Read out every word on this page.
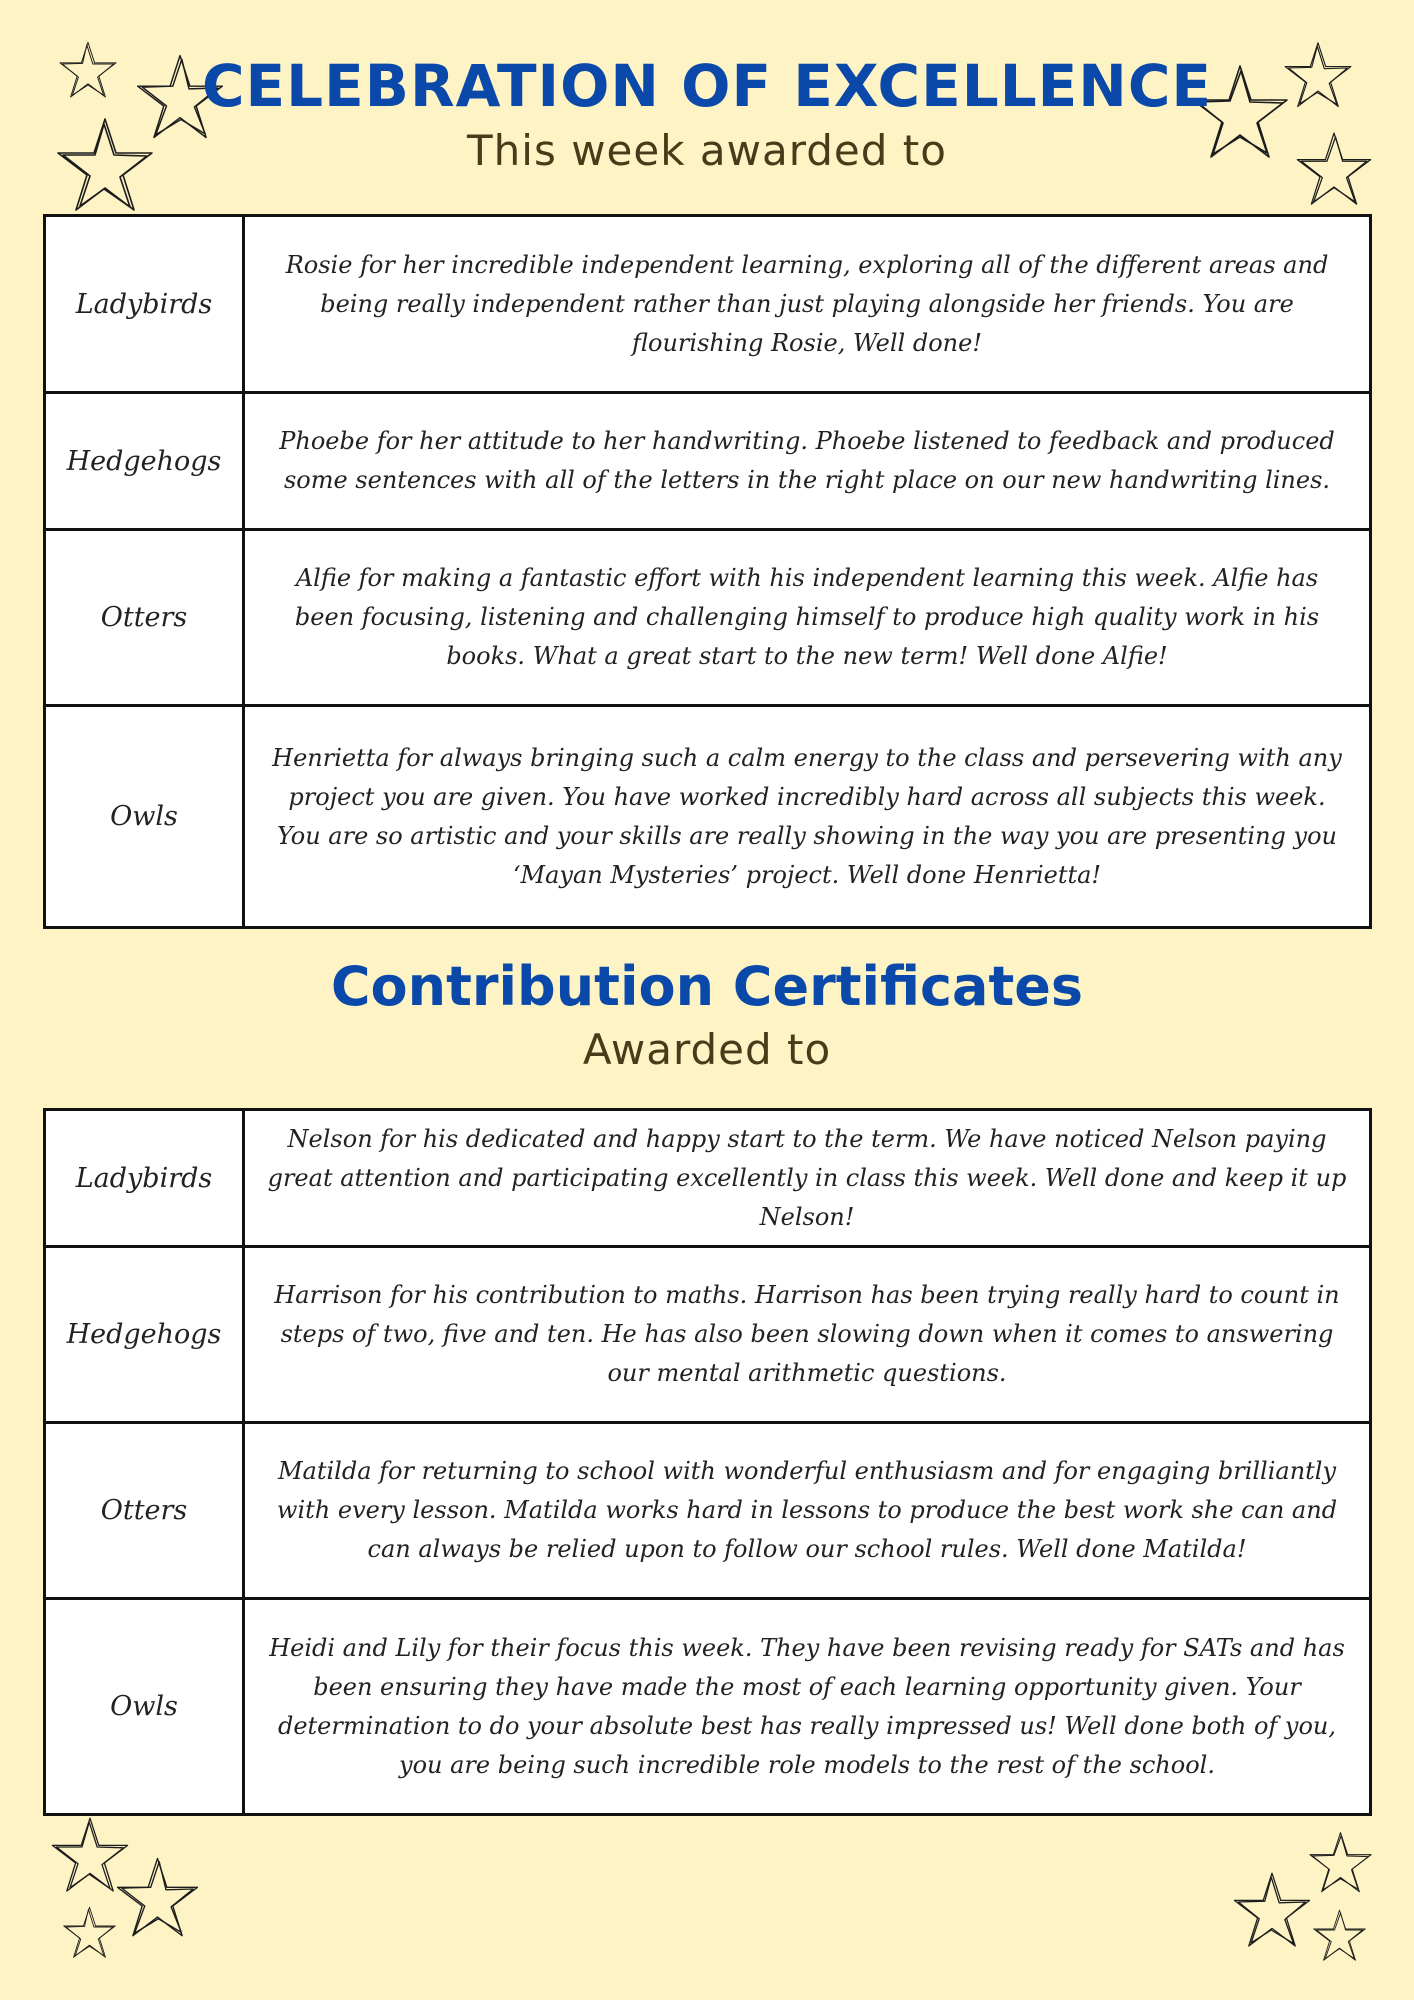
CELEBRATION OF EXCELLENCE
This week awarded to
Ladybirds	Rosie for her incredible independent learning, exploring all of the different areas and being really independent rather than just playing alongside her friends. You are flourishing Rosie, Well done!
Hedgehogs	Phoebe for her attitude to her handwriting. Phoebe listened to feedback and produced some sentences with all of the letters in the right place on our new handwriting lines.
Otters	Alfie for making a fantastic effort with his independent learning this week. Alfie has been focusing, listening and challenging himself to produce high quality work in his books. What a great start to the new term! Well done Alfie!
Owls	Henrietta for always bringing such a calm energy to the class and persevering with any project you are given. You have worked incredibly hard across all subjects this week. You are so artistic and your skills are really showing in the way you are presenting you ‘Mayan Mysteries’ project. Well done Henrietta!
Contribution Certificates
Awarded to
Ladybirds	Nelson for his dedicated and happy start to the term. We have noticed Nelson paying great attention and participating excellently in class this week. Well done and keep it up Nelson!
Hedgehogs	Harrison for his contribution to maths. Harrison has been trying really hard to count in steps of two, five and ten. He has also been slowing down when it comes to answering our mental arithmetic questions.
Otters	Matilda for returning to school with wonderful enthusiasm and for engaging brilliantly with every lesson. Matilda works hard in lessons to produce the best work she can and can always be relied upon to follow our school rules. Well done Matilda!
Owls	Heidi and Lily for their focus this week. They have been revising ready for SATs and has been ensuring they have made the most of each learning opportunity given. Your determination to do your absolute best has really impressed us! Well done both of you, you are being such incredible role models to the rest of the school.
